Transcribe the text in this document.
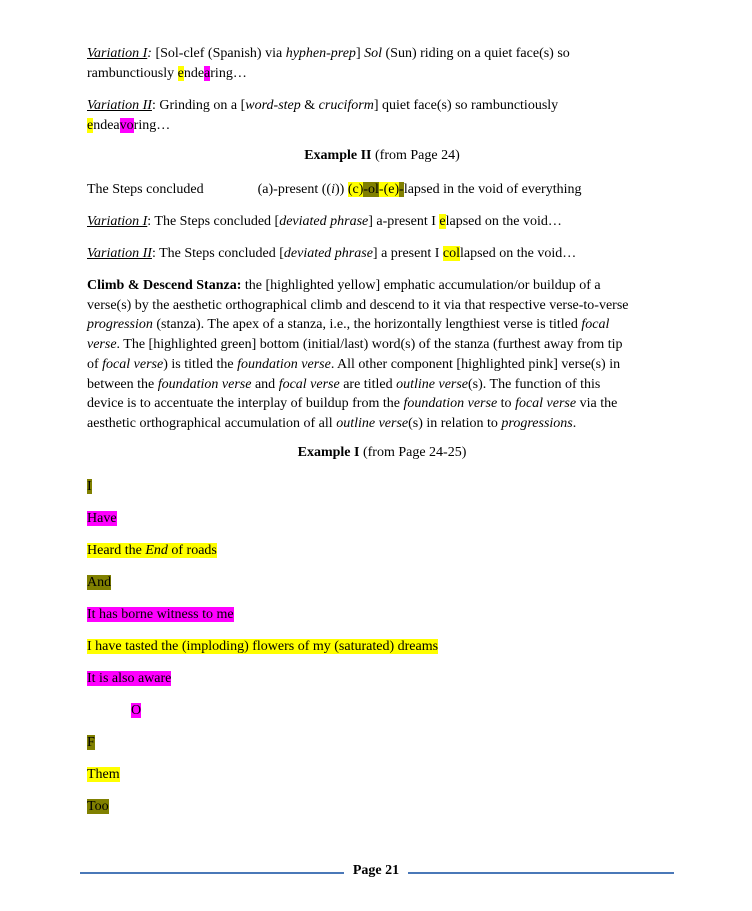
Variation I: [Sol-clef (Spanish) via hyphen-prep] Sol (Sun) riding on a quiet face(s) so
rambunctiously endearing…
Variation II: Grinding on a [word-step & cruciform] quiet face(s) so rambunctiously
endeavoring…
Example II (from Page 24)
The Steps concluded	(a)-present ((i)) (c)-ol-(e)-lapsed in the void of everything
Variation I: The Steps concluded [deviated phrase] a-present I elapsed on the void…
Variation II: The Steps concluded [deviated phrase] a present I collapsed on the void…
Climb & Descend Stanza: the [highlighted yellow] emphatic accumulation/or buildup of a
verse(s) by the aesthetic orthographical climb and descend to it via that respective verse-to-verse
progression (stanza). The apex of a stanza, i.e., the horizontally lengthiest verse is titled focal
verse. The [highlighted green] bottom (initial/last) word(s) of the stanza (furthest away from tip
of focal verse) is titled the foundation verse. All other component [highlighted pink] verse(s) in
between the foundation verse and focal verse are titled outline verse(s). The function of this
device is to accentuate the interplay of buildup from the foundation verse to focal verse via the
aesthetic orthographical accumulation of all outline verse(s) in relation to progressions.
Example I (from Page 24-25)
I
Have
Heard the End of roads
And
It has borne witness to me
I have tasted the (imploding) flowers of my (saturated) dreams
It is also aware
O
F
Them
Too
Page 21
